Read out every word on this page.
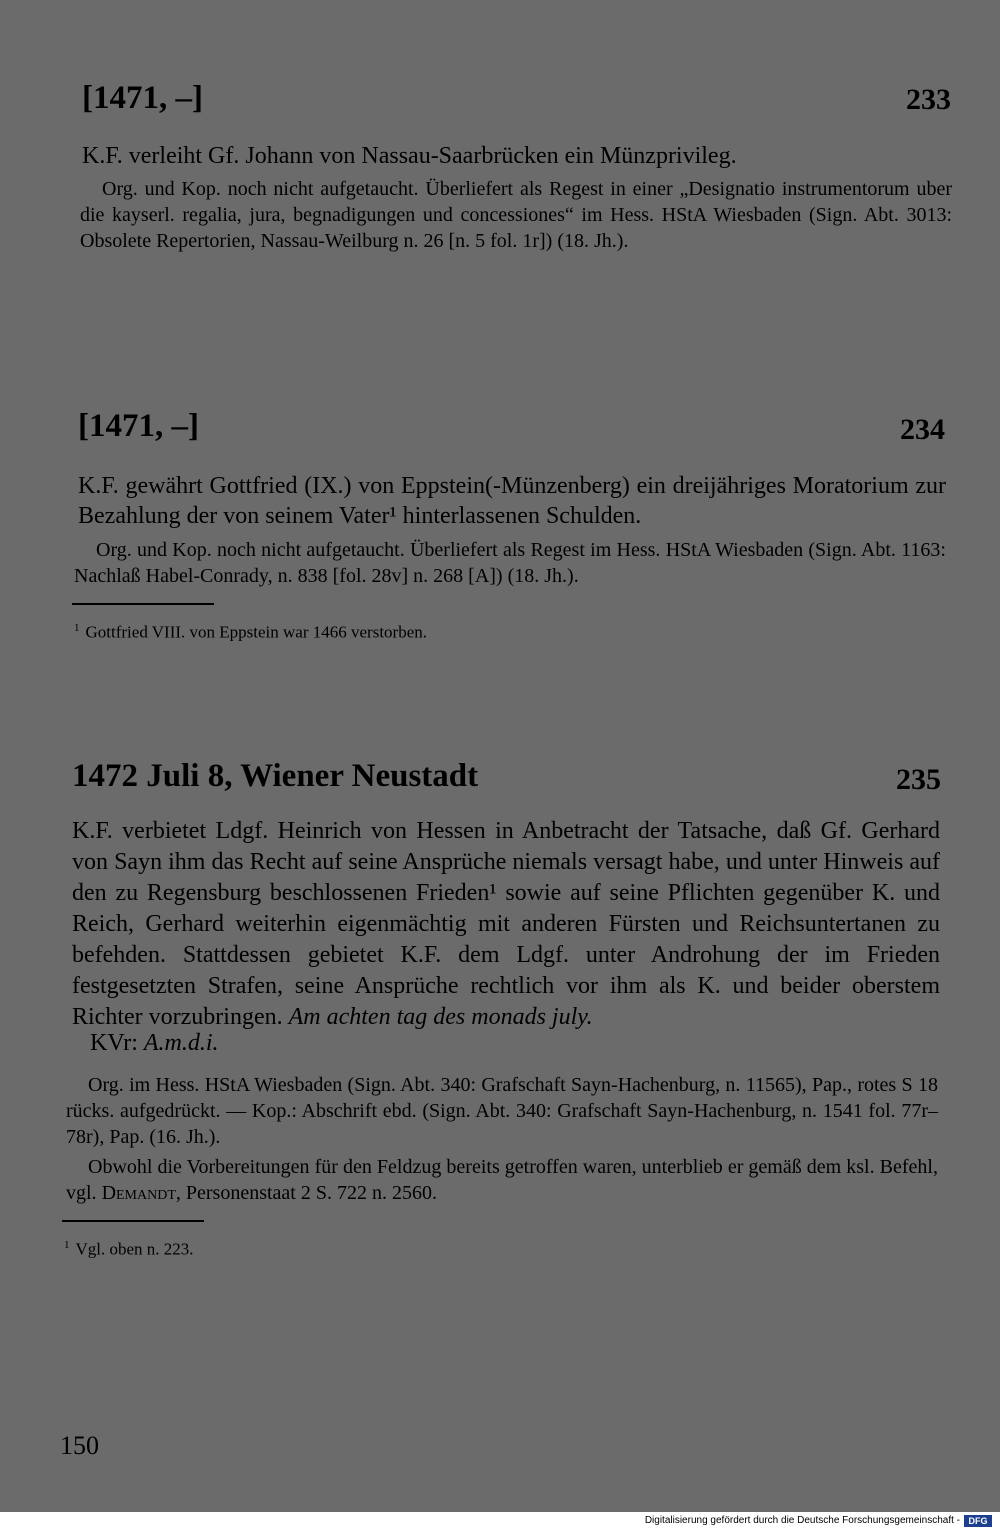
[1471, –]	233
K.F. verleiht Gf. Johann von Nassau-Saarbrücken ein Münzprivileg.
Org. und Kop. noch nicht aufgetaucht. Überliefert als Regest in einer „Designatio instrumentorum uber die kayserl. regalia, jura, begnadigungen und concessiones“ im Hess. HStA Wiesbaden (Sign. Abt. 3013: Obsolete Repertorien, Nassau-Weilburg n. 26 [n. 5 fol. 1r]) (18. Jh.).
[1471, –]	234
K.F. gewährt Gottfried (IX.) von Eppstein(-Münzenberg) ein dreijähriges Moratorium zur Bezahlung der von seinem Vater¹ hinterlassenen Schulden.
Org. und Kop. noch nicht aufgetaucht. Überliefert als Regest im Hess. HStA Wiesbaden (Sign. Abt. 1163: Nachlaß Habel-Conrady, n. 838 [fol. 28v] n. 268 [A]) (18. Jh.).
$^1$ Gottfried VIII. von Eppstein war 1466 verstorben.
1472 Juli 8, Wiener Neustadt	235
K.F. verbietet Ldgf. Heinrich von Hessen in Anbetracht der Tatsache, daß Gf. Gerhard von Sayn ihm das Recht auf seine Ansprüche niemals versagt habe, und unter Hinweis auf den zu Regensburg beschlossenen Frieden¹ sowie auf seine Pflichten gegenüber K. und Reich, Gerhard weiterhin eigenmächtig mit anderen Fürsten und Reichsuntertanen zu befehden. Stattdessen gebietet K.F. dem Ldgf. unter Androhung der im Frieden festgesetzten Strafen, seine Ansprüche rechtlich vor ihm als K. und beider oberstem Richter vorzubringen. Am achten tag des monads july.
KVr: A.m.d.i.
Org. im Hess. HStA Wiesbaden (Sign. Abt. 340: Grafschaft Sayn-Hachenburg, n. 11565), Pap., rotes S 18 rücks. aufgedrückt. — Kop.: Abschrift ebd. (Sign. Abt. 340: Grafschaft Sayn-Hachenburg, n. 1541 fol. 77r–78r), Pap. (16. Jh.).
Obwohl die Vorbereitungen für den Feldzug bereits getroffen waren, unterblieb er gemäß dem ksl. Befehl, vgl. Demandt, Personenstaat 2 S. 722 n. 2560.
$^1$ Vgl. oben n. 223.
150
Digitalisierung gefördert durch die Deutsche Forschungsgemeinschaft - DFG
